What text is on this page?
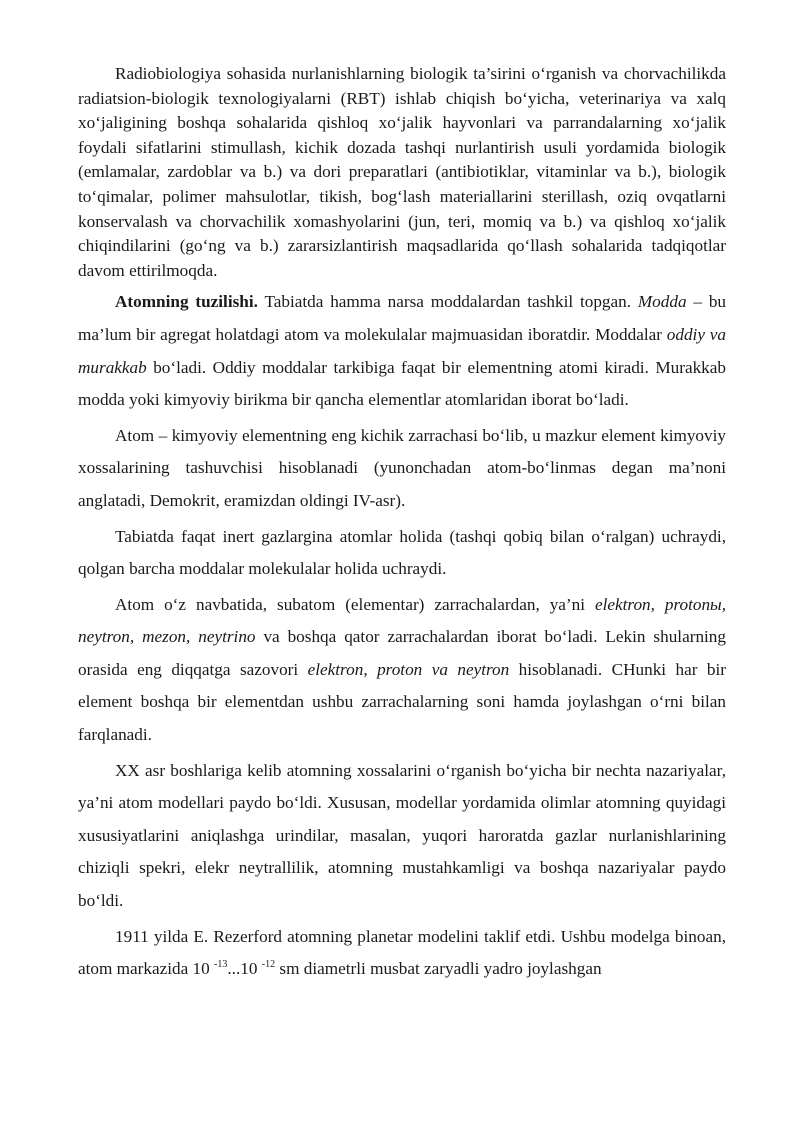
Radiobiologiya sohasida nurlanishlarning biologik ta’sirini o‘rganish va chorvachilikda radiatsion-biologik texnologiyalarni (RBT) ishlab chiqish bo‘yicha, veterinariya va xalq xo‘jaligining boshqa sohalarida qishloq xo‘jalik hayvonlari va parrandalarning xo‘jalik foydali sifatlarini stimullash, kichik dozada tashqi nurlantirish usuli yordamida biologik (emlamalar, zardoblar va b.) va dori preparatlari (antibiotiklar, vitaminlar va b.), biologik to‘qimalar, polimer mahsulotlar, tikish, bog‘lash materiallarini sterillash, oziq ovqatlarni konservalash va chorvachilik xomashyolarini (jun, teri, momiq va b.) va qishloq xo‘jalik chiqindilarini (go‘ng va b.) zararsizlantirish maqsadlarida qo‘llash sohalarida tadqiqotlar davom ettirilmoqda.

Atomning tuzilishi. Tabiatda hamma narsa moddalardan tashkil topgan. Modda – bu ma’lum bir agregat holatdagi atom va molekulalar majmuasidan iboratdir. Moddalar oddiy va murakkab bo‘ladi. Oddiy moddalar tarkibiga faqat bir elementning atomi kiradi. Murakkab modda yoki kimyoviy birikma bir qancha elementlar atomlaridan iborat bo‘ladi.

Atom – kimyoviy elementning eng kichik zarrachasi bo‘lib, u mazkur element kimyoviy xossalarining tashuvchisi hisoblanadi (yunonchadan atom-bo‘linmas degan ma’noni anglatadi, Demokrit, eramizdan oldingi IV-asr).

Tabiatda faqat inert gazlargina atomlar holida (tashqi qobiq bilan o‘ralgan) uchraydi, qolgan barcha moddalar molekulalar holida uchraydi.

Atom o‘z navbatida, subatom (elementar) zarrachalardan, ya’ni elektron, protonы, neytron, mezon, neytrino va boshqa qator zarrachalardan iborat bo‘ladi. Lekin shularning orasida eng diqqatga sazovori elektron, proton va neytron hisoblanadi. CHunki har bir element boshqa bir elementdan ushbu zarrachalarning soni hamda joylashgan o‘rni bilan farqlanadi.

XX asr boshlariga kelib atomning xossalarini o‘rganish bo‘yicha bir nechta nazariyalar, ya’ni atom modellari paydo bo‘ldi. Xususan, modellar yordamida olimlar atomning quyidagi xususiyatlarini aniqlashga urindilar, masalan, yuqori haroratda gazlar nurlanishlarining chiziqli spekri, elekr neytrallilik, atomning mustahkamligi va boshqa nazariyalar paydo bo‘ldi.

1911 yilda E. Rezerford atomning planetar modelini taklif etdi. Ushbu modelga binoan, atom markazida 10 $^{-13}$...10 $^{-12}$ sm diametrli musbat zaryadli yadro joylashgan
